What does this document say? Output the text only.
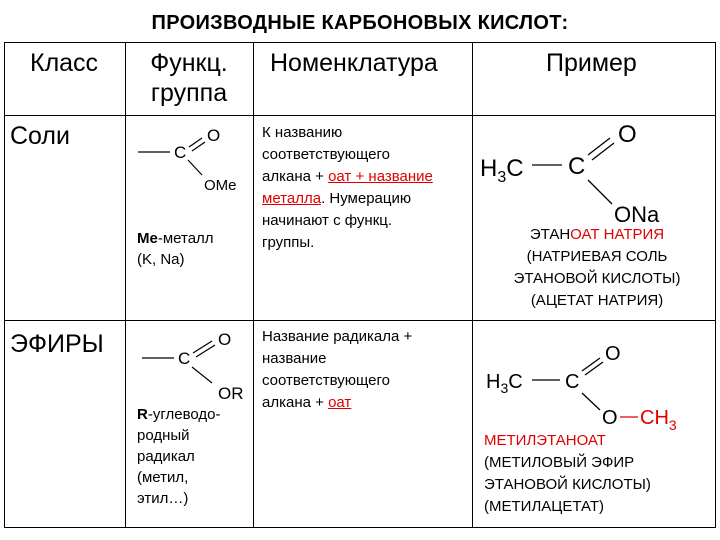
ПРОИЗВОДНЫЕ КАРБОНОВЫХ КИСЛОТ:
Класс	Функц.
группа
Номенклатура	Пример
Соли
C
O
OMe
Ме-металл
(K, Na)
К названию
соответствующего
алкана + оат + название
металла. Нумерацию
начинают с функц.
группы.
$H_3C$ C
O
ONa
ЭТАНОАТ НАТРИЯ
(НАТРИЕВАЯ СОЛЬ
ЭТАНОВОЙ КИСЛОТЫ)
(АЦЕТАТ НАТРИЯ)
ЭФИРЫ
C
O
OR
R-углеводо-
родный
радикал
(метил,
этил…)
Название радикала +
название
соответствующего
алкана + оат
$H_3C$ C
O
O $CH_3$
МЕТИЛЭТАНОАТ
(МЕТИЛОВЫЙ ЭФИР
ЭТАНОВОЙ КИСЛОТЫ)
(МЕТИЛАЦЕТАТ)
